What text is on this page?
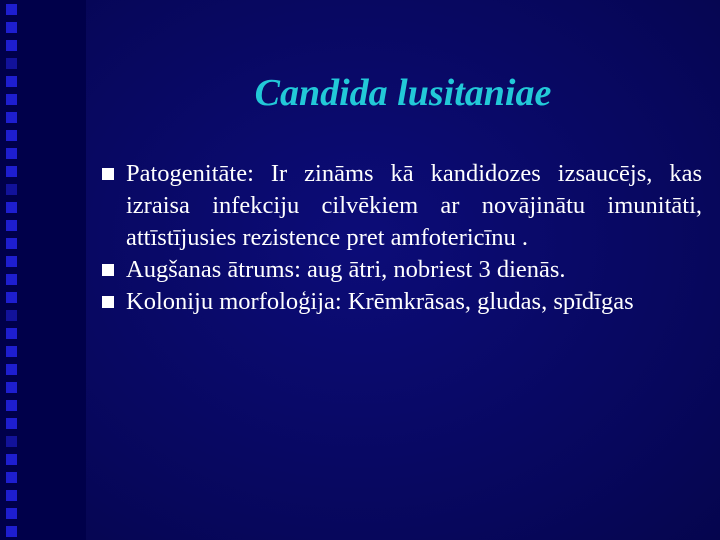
Candida lusitaniae
Patogenitāte: Ir zināms kā kandidozes izsaucējs, kas izraisa infekciju cilvēkiem ar novājinātu imunitāti, attīstījusies rezistence pret amfotericīnu .
Augšanas ātrums: aug ātri, nobriest 3 dienās.
Koloniju morfoloģija: Krēmkrāsas, gludas, spīdīgas
